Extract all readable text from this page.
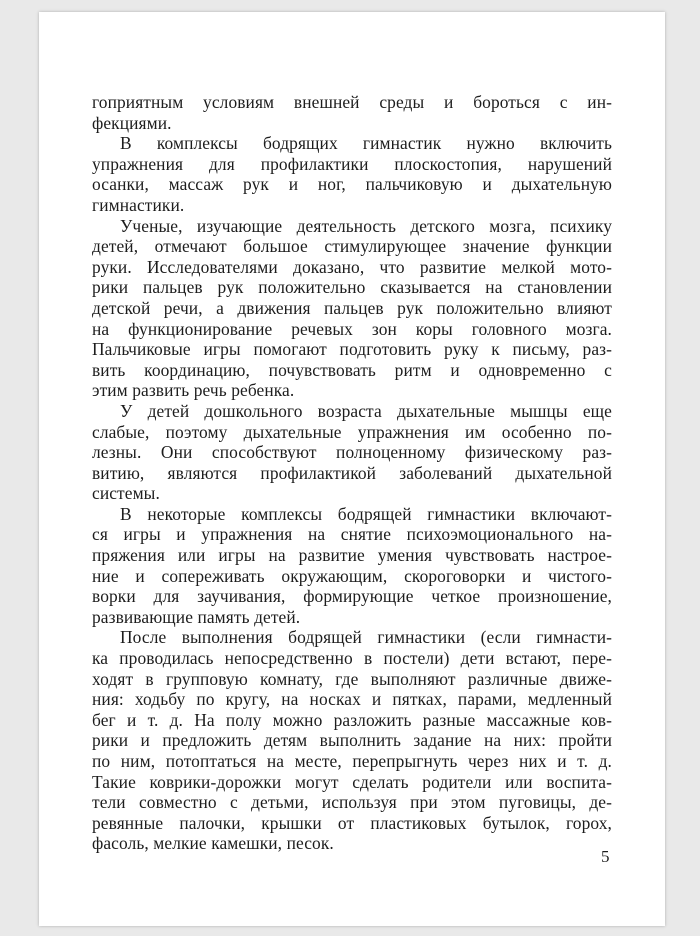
гоприятным условиям внешней среды и бороться с ин-
фекциями.
В комплексы бодрящих гимнастик нужно включить
упражнения для профилактики плоскостопия, нарушений
осанки, массаж рук и ног, пальчиковую и дыхательную
гимнастики.
Ученые, изучающие деятельность детского мозга, психику
детей, отмечают большое стимулирующее значение функции
руки. Исследователями доказано, что развитие мелкой мото-
рики пальцев рук положительно сказывается на становлении
детской речи, а движения пальцев рук положительно влияют
на функционирование речевых зон коры головного мозга.
Пальчиковые игры помогают подготовить руку к письму, раз-
вить координацию, почувствовать ритм и одновременно с
этим развить речь ребенка.
У детей дошкольного возраста дыхательные мышцы еще
слабые, поэтому дыхательные упражнения им особенно по-
лезны. Они способствуют полноценному физическому раз-
витию, являются профилактикой заболеваний дыхательной
системы.
В некоторые комплексы бодрящей гимнастики включают-
ся игры и упражнения на снятие психоэмоционального на-
пряжения или игры на развитие умения чувствовать настрое-
ние и сопереживать окружающим, скороговорки и чистого-
ворки для заучивания, формирующие четкое произношение,
развивающие память детей.
После выполнения бодрящей гимнастики (если гимнасти-
ка проводилась непосредственно в постели) дети встают, пере-
ходят в групповую комнату, где выполняют различные движе-
ния: ходьбу по кругу, на носках и пятках, парами, медленный
бег и т. д. На полу можно разложить разные массажные ков-
рики и предложить детям выполнить задание на них: пройти
по ним, потоптаться на месте, перепрыгнуть через них и т. д.
Такие коврики-дорожки могут сделать родители или воспита-
тели совместно с детьми, используя при этом пуговицы, де-
ревянные палочки, крышки от пластиковых бутылок, горох,
фасоль, мелкие камешки, песок.
5
